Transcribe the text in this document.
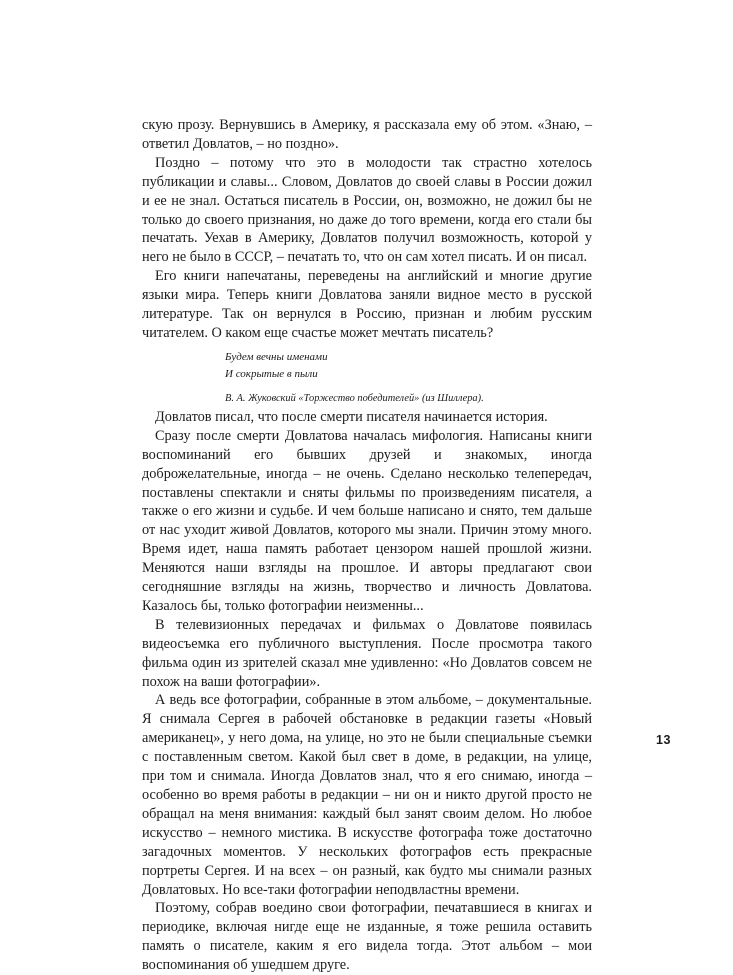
скую прозу. Вернувшись в Америку, я рассказала ему об этом. «Знаю, – ответил Довлатов, – но поздно».

Поздно – потому что это в молодости так страстно хотелось публикации и славы... Словом, Довлатов до своей славы в России дожил и ее не знал. Остаться писатель в России, он, возможно, не дожил бы не только до своего признания, но даже до того времени, когда его стали бы печатать. Уехав в Америку, Довлатов получил возможность, которой у него не было в СССР, – печатать то, что он сам хотел писать. И он писал.

Его книги напечатаны, переведены на английский и многие другие языки мира. Теперь книги Довлатова заняли видное место в русской литературе. Так он вернулся в Россию, признан и любим русским читателем. О каком еще счастье может мечтать писатель?

Будем вечны именами
И сокрытые в пыли
В. А. Жуковский «Торжество победителей» (из Шиллера).

Довлатов писал, что после смерти писателя начинается история.

Сразу после смерти Довлатова началась мифология. Написаны книги воспоминаний его бывших друзей и знакомых, иногда доброжелательные, иногда – не очень. Сделано несколько телепередач, поставлены спектакли и сняты фильмы по произведениям писателя, а также о его жизни и судьбе. И чем больше написано и снято, тем дальше от нас уходит живой Довлатов, которого мы знали. Причин этому много. Время идет, наша память работает цензором нашей прошлой жизни. Меняются наши взгляды на прошлое. И авторы предлагают свои сегодняшние взгляды на жизнь, творчество и личность Довлатова. Казалось бы, только фотографии неизменны...

В телевизионных передачах и фильмах о Довлатове появилась видеосъемка его публичного выступления. После просмотра такого фильма один из зрителей сказал мне удивленно: «Но Довлатов совсем не похож на ваши фотографии».

А ведь все фотографии, собранные в этом альбоме, – документальные. Я снимала Сергея в рабочей обстановке в редакции газеты «Новый американец», у него дома, на улице, но это не были специальные съемки с поставленным светом. Какой был свет в доме, в редакции, на улице, при том и снимала. Иногда Довлатов знал, что я его снимаю, иногда – особенно во время работы в редакции – ни он и никто другой просто не обращал на меня внимания: каждый был занят своим делом. Но любое искусство – немного мистика. В искусстве фотографа тоже достаточно загадочных моментов. У нескольких фотографов есть прекрасные портреты Сергея. И на всех – он разный, как будто мы снимали разных Довлатовых. Но все-таки фотографии неподвластны времени.

Поэтому, собрав воедино свои фотографии, печатавшиеся в книгах и периодике, включая нигде еще не изданные, я тоже решила оставить память о писателе, каким я его видела тогда. Этот альбом – мои воспоминания об ушедшем друге.

13
